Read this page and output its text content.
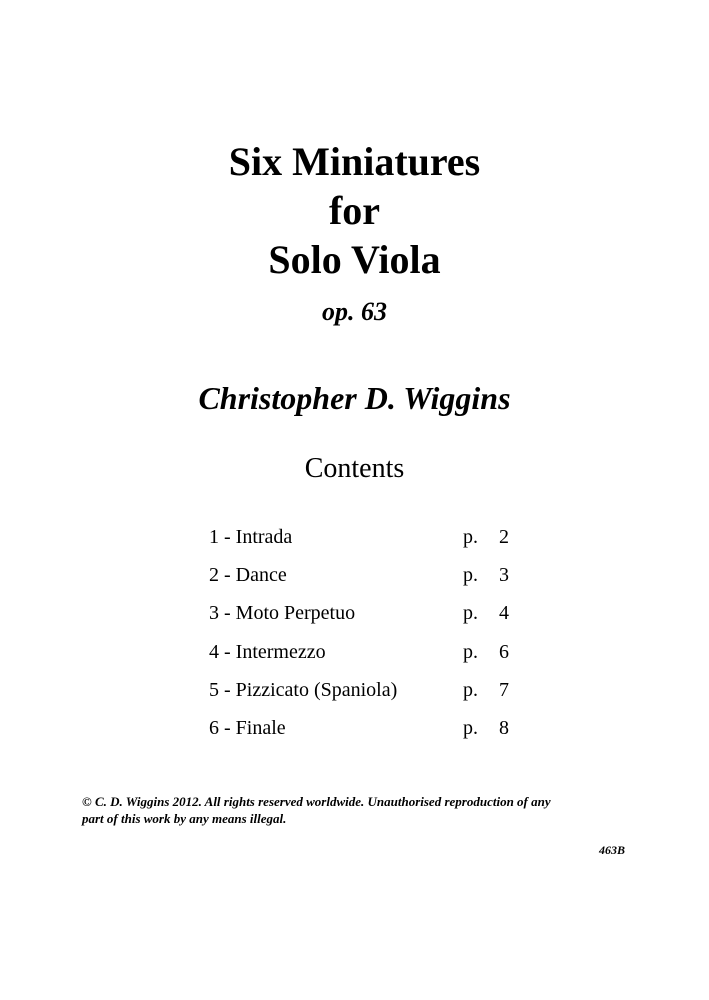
Six Miniatures
for
Solo Viola
op. 63
Christopher D. Wiggins
Contents
1 - Intrada	p. 2
2 - Dance	p. 3
3 - Moto Perpetuo	p. 4
4 - Intermezzo	p. 6
5 - Pizzicato (Spaniola)	p. 7
6 - Finale	p. 8
© C. D. Wiggins 2012. All rights reserved worldwide. Unauthorised reproduction of any
part of this work by any means illegal.
463B
